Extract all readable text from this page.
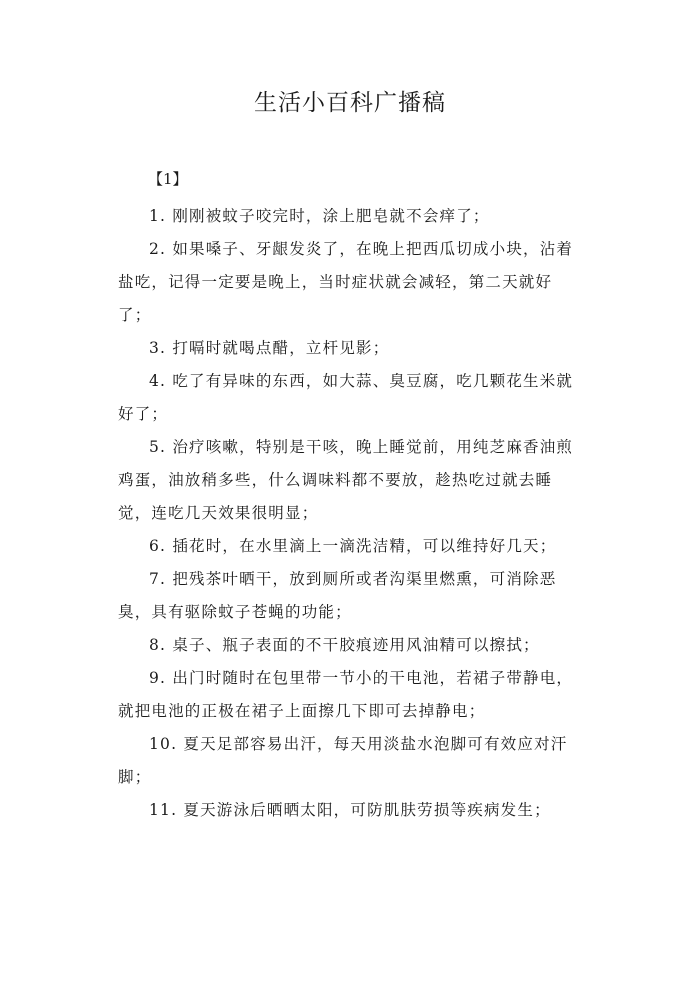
生活小百科广播稿
【1】
1. 刚刚被蚊子咬完时，涂上肥皂就不会痒了；
2. 如果嗓子、牙龈发炎了，在晚上把西瓜切成小块，沾着盐吃，记得一定要是晚上，当时症状就会减轻，第二天就好了；
3. 打嗝时就喝点醋，立杆见影；
4. 吃了有异味的东西，如大蒜、臭豆腐，吃几颗花生米就好了；
5. 治疗咳嗽，特别是干咳，晚上睡觉前，用纯芝麻香油煎鸡蛋，油放稍多些，什么调味料都不要放，趁热吃过就去睡觉，连吃几天效果很明显；
6. 插花时，在水里滴上一滴洗洁精，可以维持好几天；
7. 把残茶叶晒干，放到厕所或者沟渠里燃熏，可消除恶臭，具有驱除蚊子苍蝇的功能；
8. 桌子、瓶子表面的不干胶痕迹用风油精可以擦拭；
9. 出门时随时在包里带一节小的干电池，若裙子带静电，就把电池的正极在裙子上面擦几下即可去掉静电；
10. 夏天足部容易出汗，每天用淡盐水泡脚可有效应对汗脚；
11. 夏天游泳后晒晒太阳，可防肌肤劳损等疾病发生；
